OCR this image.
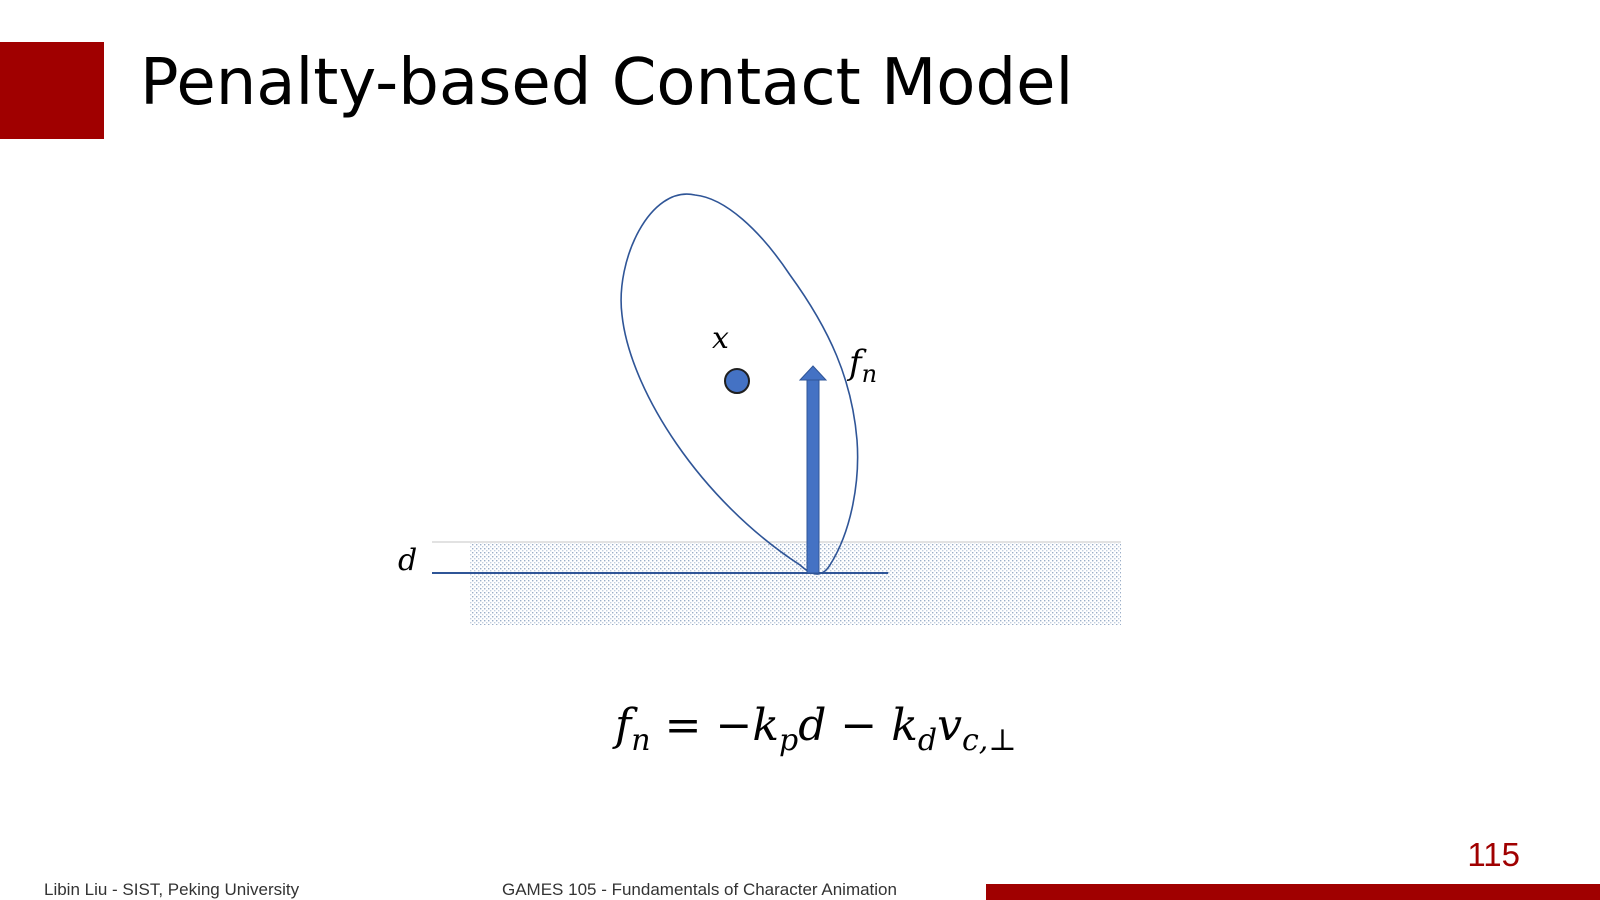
Penalty-based Contact Model
x
$f_n$
d
$f_n = -k_pd - k_dv_{c,\perp}$
115
Libin Liu - SIST, Peking University	GAMES 105 - Fundamentals of Character Animation
